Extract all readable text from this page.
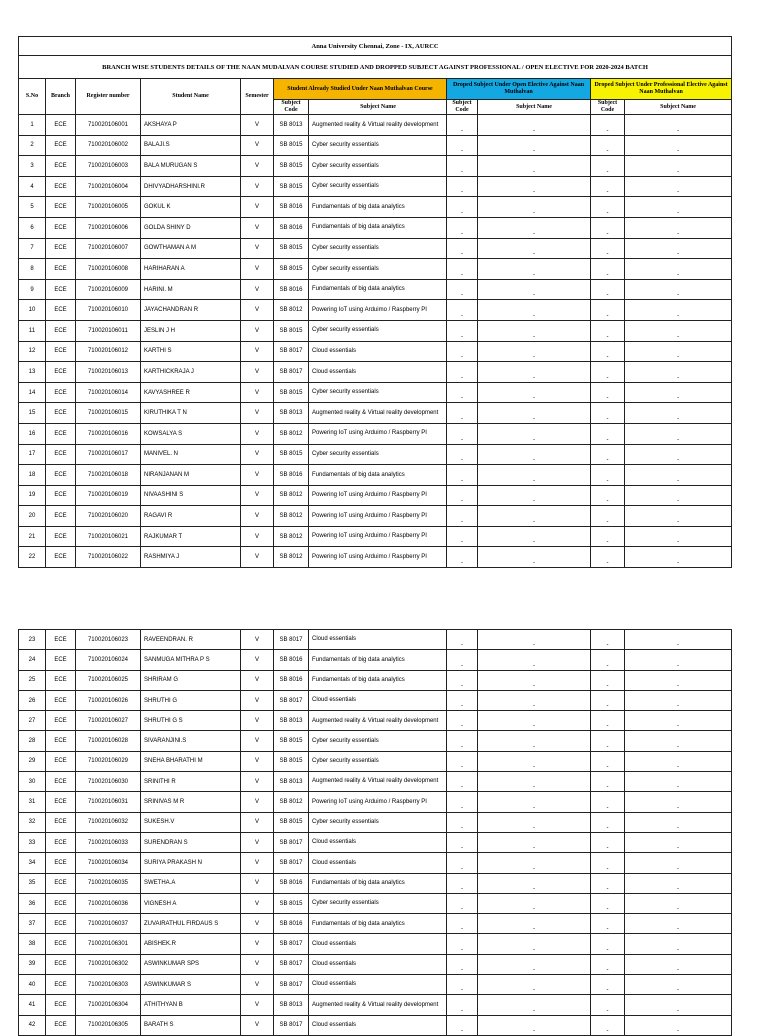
Anna University Chennai, Zone - IX, AURCC										
BRANCH WISE STUDENTS DETAILS OF THE NAAN MUDALVAN COURSE STUDIED AND DROPPED SUBJECT AGAINST PROFESSIONAL / OPEN ELECTIVE FOR 2020-2024 BATCH										
S.No	Branch	Register number	Student Name	Semester	Student Already Studied Under Naan Muthalvan Course		Droped Subject Under Open Elective Against Naan Muthalvan		Droped Subject Under Professional Elective Against Naan Muthalvan	
					Subject Code	Subject Name	Subject Code	Subject Name	Subject Code	Subject Name
1	ECE	710020106001	AKSHAYA P	V	SB 8013	Augmented reality & Virtual reality development	-	-	-	-
2	ECE	710020106002	BALAJI.S	V	SB 8015	Cyber security essentials	-	-	-	-
3	ECE	710020106003	BALA MURUGAN S	V	SB 8015	Cyber security essentials	-	-	-	-
4	ECE	710020106004	DHIVYADHARSHINI.R	V	SB 8015	Cyber security essentials	-	-	-	-
5	ECE	710020106005	GOKUL K	V	SB 8016	Fundamentals of big data analytics	-	-	-	-
6	ECE	710020106006	GOLDA SHINY D	V	SB 8016	Fundamentals of big data analytics	-	-	-	-
7	ECE	710020106007	GOWTHAMAN A M	V	SB 8015	Cyber security essentials	-	-	-	-
8	ECE	710020106008	HARIHARAN A	V	SB 8015	Cyber security essentials	-	-	-	-
9	ECE	710020106009	HARINI. M	V	SB 8016	Fundamentals of big data analytics	-	-	-	-
10	ECE	710020106010	JAYACHANDRAN R	V	SB 8012	Powering IoT using Arduimo / Raspberry PI	-	-	-	-
11	ECE	710020106011	JESLIN J H	V	SB 8015	Cyber security essentials	-	-	-	-
12	ECE	710020106012	KARTHI S	V	SB 8017	Cloud essentials	-	-	-	-
13	ECE	710020106013	KARTHICKRAJA J	V	SB 8017	Cloud essentials	-	-	-	-
14	ECE	710020106014	KAVYASHREE R	V	SB 8015	Cyber security essentials	-	-	-	-
15	ECE	710020106015	KIRUTHIKA T N	V	SB 8013	Augmented reality & Virtual reality development	-	-	-	-
16	ECE	710020106016	KOWSALYA S	V	SB 8012	Powering IoT using Arduimo / Raspberry PI	-	-	-	-
17	ECE	710020106017	MANIVEL. N	V	SB 8015	Cyber security essentials	-	-	-	-
18	ECE	710020106018	NIRANJANAN M	V	SB 8016	Fundamentals of big data analytics	-	-	-	-
19	ECE	710020106019	NIVAASHINI S	V	SB 8012	Powering IoT using Arduimo / Raspberry PI	-	-	-	-
20	ECE	710020106020	RAGAVI R	V	SB 8012	Powering IoT using Arduimo / Raspberry PI	-	-	-	-
21	ECE	710020106021	RAJKUMAR T	V	SB 8012	Powering IoT using Arduimo / Raspberry PI	-	-	-	-
22	ECE	710020106022	RASHMIYA J	V	SB 8012	Powering IoT using Arduimo / Raspberry PI	-	-	-	-
23	ECE	710020106023	RAVEENDRAN. R	V	SB 8017	Cloud essentials	-	-	-	-
24	ECE	710020106024	SANMUGA MITHRA P S	V	SB 8016	Fundamentals of big data analytics	-	-	-	-
25	ECE	710020106025	SHRIRAM G	V	SB 8016	Fundamentals of big data analytics	-	-	-	-
26	ECE	710020106026	SHRUTHI G	V	SB 8017	Cloud essentials	-	-	-	-
27	ECE	710020106027	SHRUTHI G S	V	SB 8013	Augmented reality & Virtual reality development	-	-	-	-
28	ECE	710020106028	SIVARANJINI.S	V	SB 8015	Cyber security essentials	-	-	-	-
29	ECE	710020106029	SNEHA BHARATHI M	V	SB 8015	Cyber security essentials	-	-	-	-
30	ECE	710020106030	SRINITHI R	V	SB 8013	Augmented reality & Virtual reality development	-	-	-	-
31	ECE	710020106031	SRINIVAS M R	V	SB 8012	Powering IoT using Arduimo / Raspberry PI	-	-	-	-
32	ECE	710020106032	SUKESH.V	V	SB 8015	Cyber security essentials	-	-	-	-
33	ECE	710020106033	SURENDRAN S	V	SB 8017	Cloud essentials	-	-	-	-
34	ECE	710020106034	SURIYA PRAKASH N	V	SB 8017	Cloud essentials	-	-	-	-
35	ECE	710020106035	SWETHA.A	V	SB 8016	Fundamentals of big data analytics	-	-	-	-
36	ECE	710020106036	VIGNESH A	V	SB 8015	Cyber security essentials	-	-	-	-
37	ECE	710020106037	ZUVAIRATHUL FIRDAUS S	V	SB 8016	Fundamentals of big data analytics	-	-	-	-
38	ECE	710020106301	ABISHEK.R	V	SB 8017	Cloud essentials	-	-	-	-
39	ECE	710020106302	ASWINKUMAR SPS	V	SB 8017	Cloud essentials	-	-	-	-
40	ECE	710020106303	ASWINKUMAR S	V	SB 8017	Cloud essentials	-	-	-	-
41	ECE	710020106304	ATHITHYAN B	V	SB 8013	Augmented reality & Virtual reality development	-	-	-	-
42	ECE	710020106305	BARATH S	V	SB 8017	Cloud essentials	-	-	-	-
